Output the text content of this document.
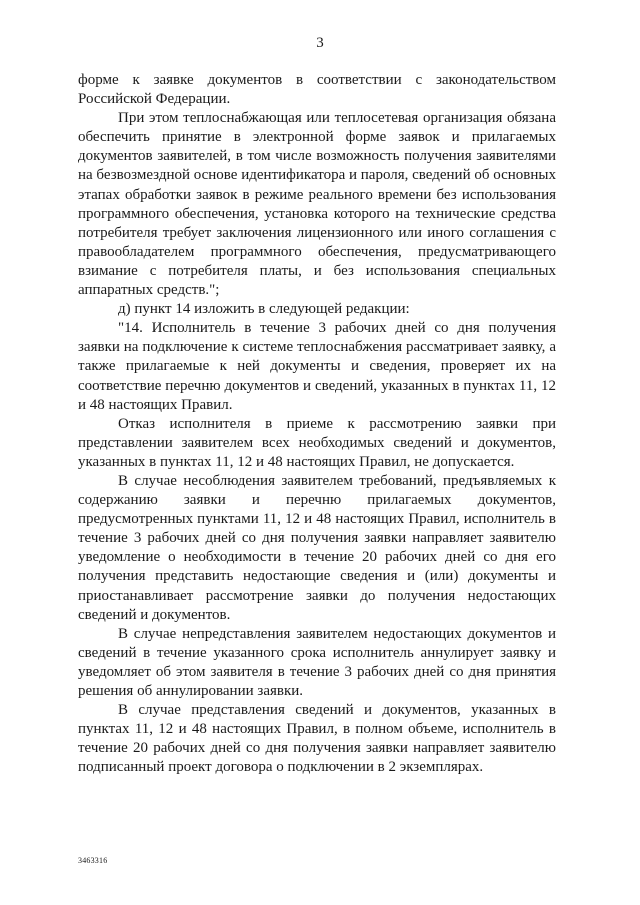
3

форме к заявке документов в соответствии с законодательством Российской Федерации.

При этом теплоснабжающая или теплосетевая организация обязана обеспечить принятие в электронной форме заявок и прилагаемых документов заявителей, в том числе возможность получения заявителями на безвозмездной основе идентификатора и пароля, сведений об основных этапах обработки заявок в режиме реального времени без использования программного обеспечения, установка которого на технические средства потребителя требует заключения лицензионного или иного соглашения с правообладателем программного обеспечения, предусматривающего взимание с потребителя платы, и без использования специальных аппаратных средств.";

д) пункт 14 изложить в следующей редакции:

"14. Исполнитель в течение 3 рабочих дней со дня получения заявки на подключение к системе теплоснабжения рассматривает заявку, а также прилагаемые к ней документы и сведения, проверяет их на соответствие перечню документов и сведений, указанных в пунктах 11, 12 и 48 настоящих Правил.

Отказ исполнителя в приеме к рассмотрению заявки при представлении заявителем всех необходимых сведений и документов, указанных в пунктах 11, 12 и 48 настоящих Правил, не допускается.

В случае несоблюдения заявителем требований, предъявляемых к содержанию заявки и перечню прилагаемых документов, предусмотренных пунктами 11, 12 и 48 настоящих Правил, исполнитель в течение 3 рабочих дней со дня получения заявки направляет заявителю уведомление о необходимости в течение 20 рабочих дней со дня его получения представить недостающие сведения и (или) документы и приостанавливает рассмотрение заявки до получения недостающих сведений и документов.

В случае непредставления заявителем недостающих документов и сведений в течение указанного срока исполнитель аннулирует заявку и уведомляет об этом заявителя в течение 3 рабочих дней со дня принятия решения об аннулировании заявки.

В случае представления сведений и документов, указанных в пунктах 11, 12 и 48 настоящих Правил, в полном объеме, исполнитель в течение 20 рабочих дней со дня получения заявки направляет заявителю подписанный проект договора о подключении в 2 экземплярах.

3463316
